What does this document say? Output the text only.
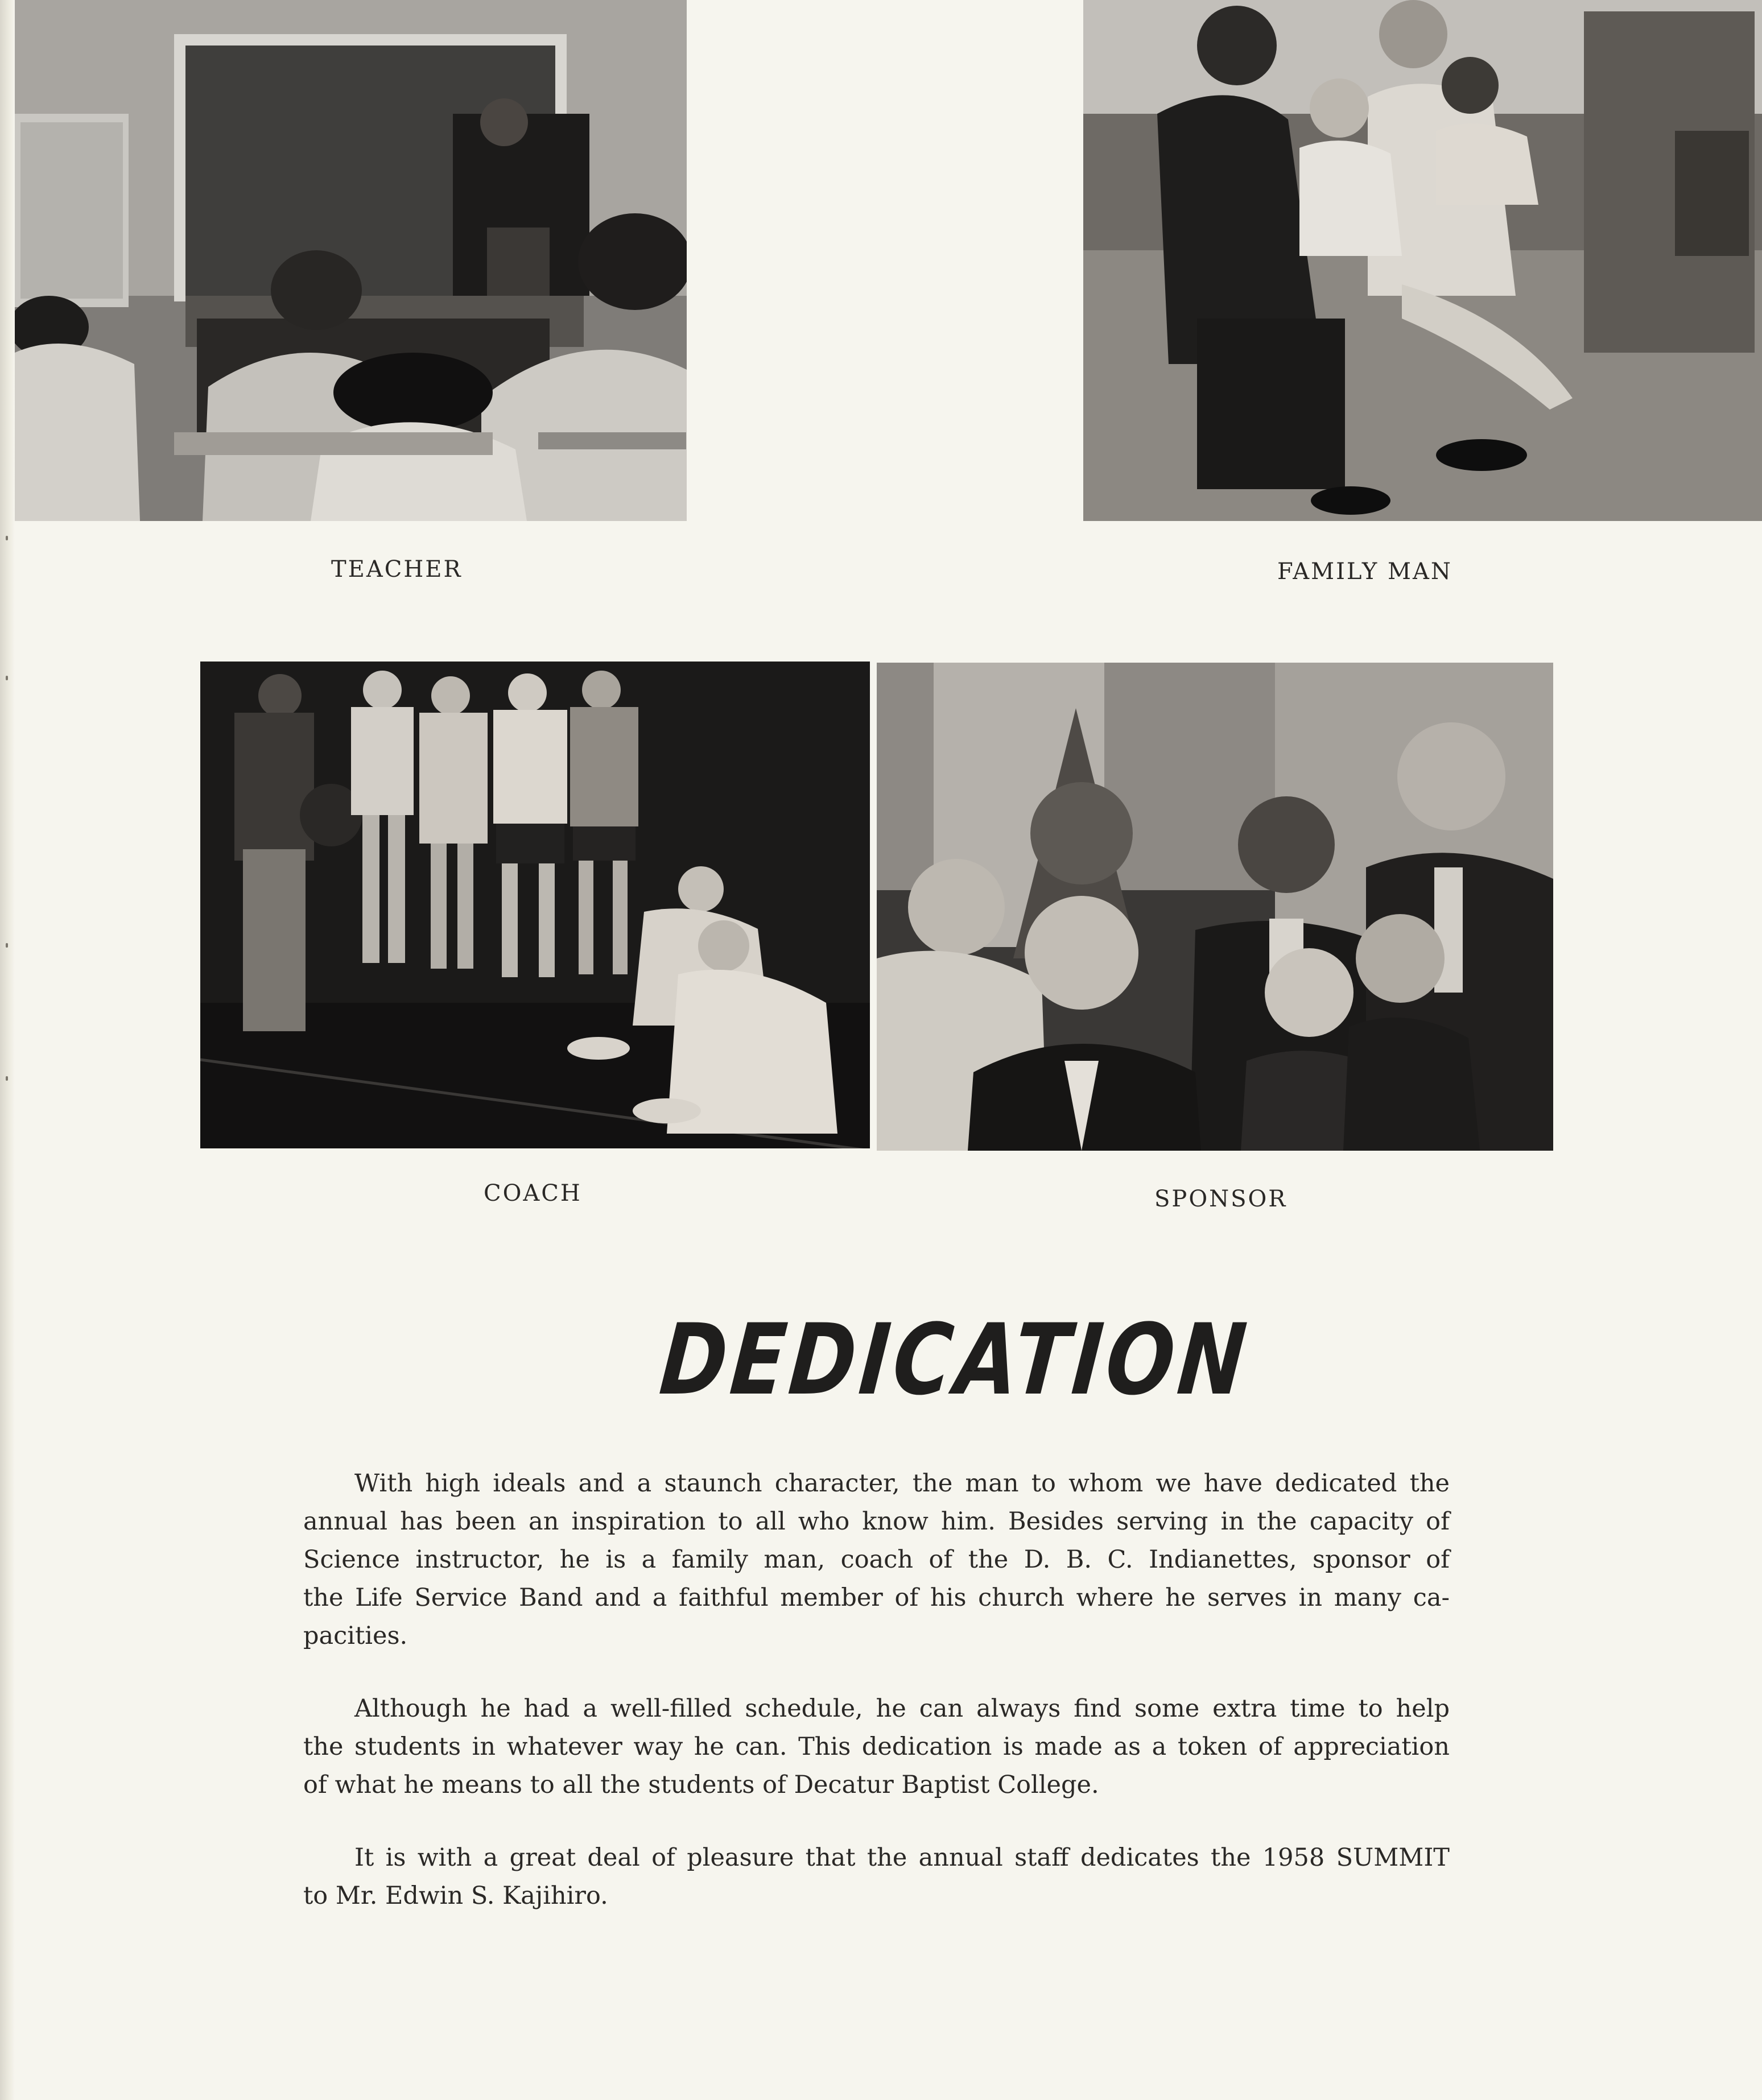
TEACHER	FAMILY MAN
COACH	SPONSOR
DEDICATION
With high ideals and a staunch character, the man to whom we have dedicated the
annual has been an inspiration to all who know him. Besides serving in the capacity of
Science instructor, he is a family man, coach of the D. B. C. Indianettes, sponsor of
the Life Service Band and a faithful member of his church where he serves in many ca-
pacities.
Although he had a well-filled schedule, he can always find some extra time to help
the students in whatever way he can. This dedication is made as a token of appreciation
of what he means to all the students of Decatur Baptist College.
It is with a great deal of pleasure that the annual staff dedicates the 1958 SUMMIT
to Mr. Edwin S. Kajihiro.
